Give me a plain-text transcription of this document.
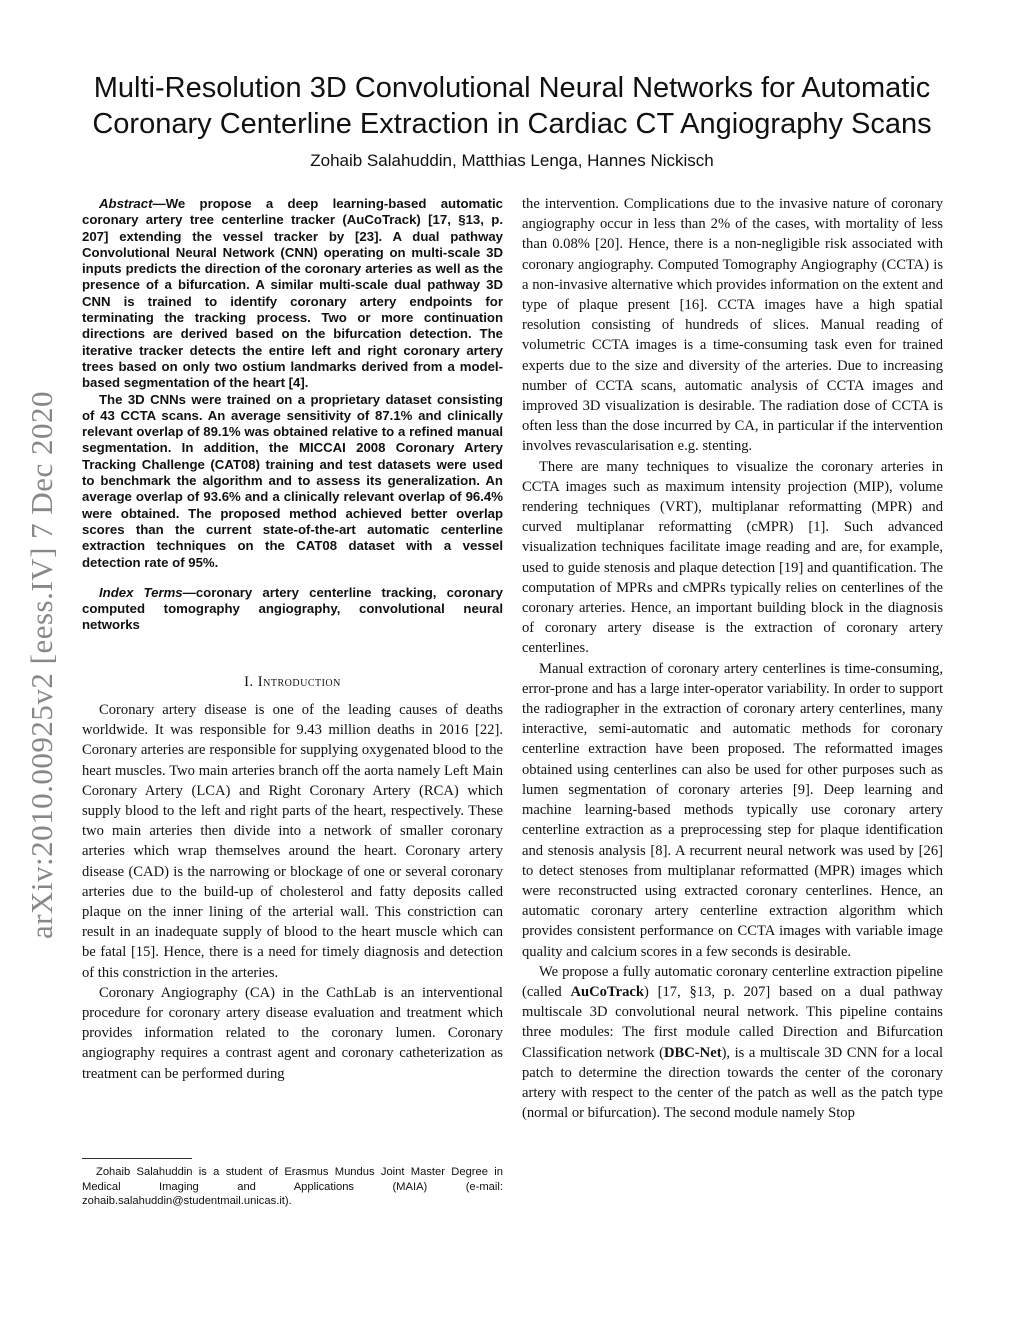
arXiv:2010.00925v2 [eess.IV] 7 Dec 2020
Multi-Resolution 3D Convolutional Neural Networks for Automatic
Coronary Centerline Extraction in Cardiac CT Angiography Scans
Zohaib Salahuddin, Matthias Lenga, Hannes Nickisch

Abstract—We propose a deep learning-based automatic coronary artery tree centerline tracker (AuCoTrack) [17, §13, p. 207] extending the vessel tracker by [23]. A dual pathway Convolutional Neural Network (CNN) operating on multi-scale 3D inputs predicts the direction of the coronary arteries as well as the presence of a bifurcation. A similar multi-scale dual pathway 3D CNN is trained to identify coronary artery endpoints for terminating the tracking process. Two or more continuation directions are derived based on the bifurcation detection. The iterative tracker detects the entire left and right coronary artery trees based on only two ostium landmarks derived from a model-based segmentation of the heart [4].

The 3D CNNs were trained on a proprietary dataset consisting of 43 CCTA scans. An average sensitivity of 87.1% and clinically relevant overlap of 89.1% was obtained relative to a refined manual segmentation. In addition, the MICCAI 2008 Coronary Artery Tracking Challenge (CAT08) training and test datasets were used to benchmark the algorithm and to assess its generalization. An average overlap of 93.6% and a clinically relevant overlap of 96.4% were obtained. The proposed method achieved better overlap scores than the current state-of-the-art automatic centerline extraction techniques on the CAT08 dataset with a vessel detection rate of 95%.

Index Terms—coronary artery centerline tracking, coronary computed tomography angiography, convolutional neural networks

I. Introduction

Coronary artery disease is one of the leading causes of deaths worldwide. It was responsible for 9.43 million deaths in 2016 [22]. Coronary arteries are responsible for supplying oxygenated blood to the heart muscles. Two main arteries branch off the aorta namely Left Main Coronary Artery (LCA) and Right Coronary Artery (RCA) which supply blood to the left and right parts of the heart, respectively. These two main arteries then divide into a network of smaller coronary arteries which wrap themselves around the heart. Coronary artery disease (CAD) is the narrowing or blockage of one or several coronary arteries due to the build-up of cholesterol and fatty deposits called plaque on the inner lining of the arterial wall. This constriction can result in an inadequate supply of blood to the heart muscle which can be fatal [15]. Hence, there is a need for timely diagnosis and detection of this constriction in the arteries.

Coronary Angiography (CA) in the CathLab is an interventional procedure for coronary artery disease evaluation and treatment which provides information related to the coronary lumen. Coronary angiography requires a contrast agent and coronary catheterization as treatment can be performed during

Zohaib Salahuddin is a student of Erasmus Mundus Joint Master Degree in Medical Imaging and Applications (MAIA) (e-mail: zohaib.salahuddin@studentmail.unicas.it).

the intervention. Complications due to the invasive nature of coronary angiography occur in less than 2% of the cases, with mortality of less than 0.08% [20]. Hence, there is a non-negligible risk associated with coronary angiography. Computed Tomography Angiography (CCTA) is a non-invasive alternative which provides information on the extent and type of plaque present [16]. CCTA images have a high spatial resolution consisting of hundreds of slices. Manual reading of volumetric CCTA images is a time-consuming task even for trained experts due to the size and diversity of the arteries. Due to increasing number of CCTA scans, automatic analysis of CCTA images and improved 3D visualization is desirable. The radiation dose of CCTA is often less than the dose incurred by CA, in particular if the intervention involves revascularisation e.g. stenting.

There are many techniques to visualize the coronary arteries in CCTA images such as maximum intensity projection (MIP), volume rendering techniques (VRT), multiplanar reformatting (MPR) and curved multiplanar reformatting (cMPR) [1]. Such advanced visualization techniques facilitate image reading and are, for example, used to guide stenosis and plaque detection [19] and quantification. The computation of MPRs and cMPRs typically relies on centerlines of the coronary arteries. Hence, an important building block in the diagnosis of coronary artery disease is the extraction of coronary artery centerlines.

Manual extraction of coronary artery centerlines is time-consuming, error-prone and has a large inter-operator variability. In order to support the radiographer in the extraction of coronary artery centerlines, many interactive, semi-automatic and automatic methods for coronary centerline extraction have been proposed. The reformatted images obtained using centerlines can also be used for other purposes such as lumen segmentation of coronary arteries [9]. Deep learning and machine learning-based methods typically use coronary artery centerline extraction as a preprocessing step for plaque identification and stenosis analysis [8]. A recurrent neural network was used by [26] to detect stenoses from multiplanar reformatted (MPR) images which were reconstructed using extracted coronary centerlines. Hence, an automatic coronary artery centerline extraction algorithm which provides consistent performance on CCTA images with variable image quality and calcium scores in a few seconds is desirable.

We propose a fully automatic coronary centerline extraction pipeline (called AuCoTrack) [17, §13, p. 207] based on a dual pathway multiscale 3D convolutional neural network. This pipeline contains three modules: The first module called Direction and Bifurcation Classification network (DBC-Net), is a multiscale 3D CNN for a local patch to determine the direction towards the center of the coronary artery with respect to the center of the patch as well as the patch type (normal or bifurcation). The second module namely Stop
